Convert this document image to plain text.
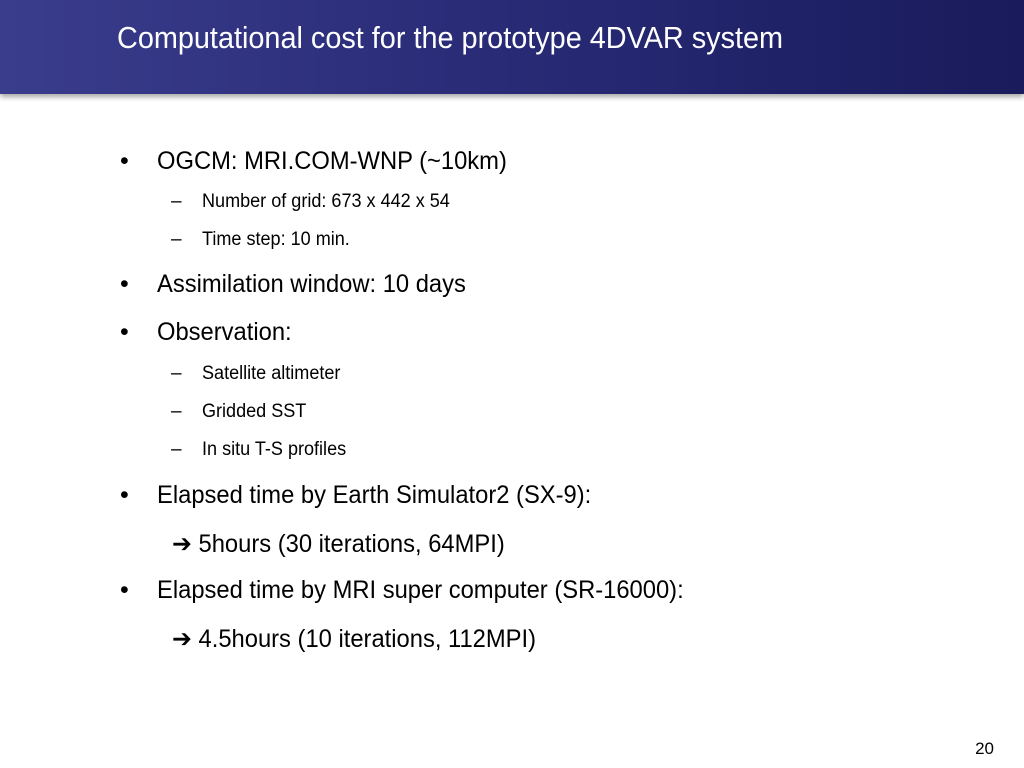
Computational cost for the prototype 4DVAR system
• OGCM: MRI.COM-WNP (~10km)
– Number of grid: 673 x 442 x 54
– Time step: 10 min.
• Assimilation window: 10 days
• Observation:
– Satellite altimeter
– Gridded SST
– In situ T-S profiles
• Elapsed time by Earth Simulator2 (SX-9):
➔ 5hours (30 iterations, 64MPI)
• Elapsed time by MRI super computer (SR-16000):
➔ 4.5hours (10 iterations, 112MPI)
20
